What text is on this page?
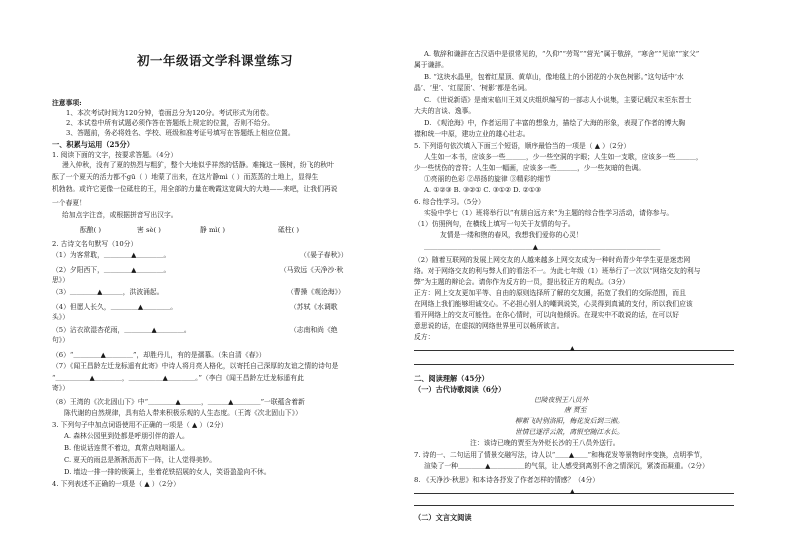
初一年级语文学科课堂练习
注意事项:
1、本次考试时间为120分钟，卷面总分为120分。考试形式为闭卷。
2、本试卷中所有试题必须作答在答题纸上规定的位置，否则不给分。
3、答题前，务必将姓名、学校、班级和准考证号填写在答题纸上相应位置。
一、积累与运用（25分）
1. 阅读下面的文字，按要求答题。（4分）
漫入仲秋，没有了夏的热烈与粗犷，整个大地似乎祥然的恬静。难掩这一簇树，纷飞的秋叶
酝了一个夏天的活力都不gū（ ）地蒙了出来，在这片静mì（ ）而蒸蒸的土地上，显得生
机勃勃。或许它更像一位砥柱的王，用全部的力量在晚霞这宽阔大的大地——来吧，让我们再说
一个春夏！
给加点字注音，或根据拼音写出汉字。
酝酿( )	害 sè( )	静 mì( )	砥柱( )
2. 古诗文名句默写（10分）
（1）为客常耽，＿＿＿＿▲＿＿＿＿。	（《晏子春秋》）
（2）夕阳西下，＿＿＿＿▲＿＿＿＿。	（马致远《天净沙·秋
思》）
（3）＿＿＿＿▲＿＿＿，洪波涌起。	（曹操《观沧海》）
（4）但愿人长久，＿＿＿＿▲＿＿＿＿。	（苏轼《水调歌
头》）
（5）沾衣欲湿杏花雨，＿＿＿＿▲＿＿＿＿。	（志南和尚《绝
句》）
（6）“＿＿＿＿▲＿＿＿＿”，却胜丹儿，有的是孺慕。（朱自清《春》）
（7）《闻王昌龄左迁龙标遥有此寄》中诗人将月亮人格化，以寄托自己深厚的友谊之情的诗句是
“＿＿＿＿＿▲＿＿＿＿，＿＿＿＿＿▲＿＿＿＿。”（李白《闻王昌龄左迁龙标遥有此
寄》）
（8）王湾的《次北固山下》中“＿＿＿＿▲＿＿＿，＿＿＿▲＿＿＿＿”一联蕴含着新
陈代谢的自然规律，具有给人带来积极乐观的人生态度。（王湾《次北固山下》）
3. 下列句子中加点词语使用不正确的一项是（ ▲ ）（2分）
A. 森林公园里到处都是呼朋引伴的游人。
B. 他说话连贯不着边，真常点咄咄逼人。
C. 夏天的雨总是淅淅沥沥下一阵，让人觉得美妙。
D. 墙边一排一排的锁簧上，坐着花铁招展的女人，笑语盈盈向不休。
4. 下列表述不正确的一项是（ ▲ ）（2分）
A. 敬辞和谦辞在古汉语中是很常见的，“久仰”“劳驾”“营光”属于敬辞，“寒舍”“见谅”“家父”
属于谦辞。
B. “这块水晶里，包着红屋顶、黄草山，像地毯上的小团花的小灰色树影。”这句话中‘水
晶’、‘里’、‘红屋顶’、‘树影’都是名词。
C. 《世说新语》是南宋临川王刘义庆组织编写的一部志人小说集，主要记载汉末至东晋士
大夫的言谈、逸事。
D. 《观沧海》中，作者运用了丰富的想象力，描绘了大海的形象，表现了作者的博大胸
襟和统一中原，建功立业的雄心壮志。
5. 下列语句依次填入下面三个短语，顺序最恰当的一项是（ ▲ ）（2分）
人生如一本书，应该多一些＿＿＿，少一些空洞的字眼；人生如一支歌，应该多一些＿＿＿，
少一些忧伤的音符；人生如一幅画，应该多一些＿＿＿，少一些灰暗的色调。
①亮丽的色彩 ②昂扬的旋律 ③精彩的细节
A. ①②③ B. ③②① C. ③①② D. ②①③
6. 综合性学习。（5分）
实验中学七（1）班将举行以“有朋自远方来”为主题的综合性学习活动，请你参与。
（1）仿照例句，在横线上填写一句关于友情的句子。
友情是一缕和煦的春风，我想我们爱你的心灵！
＿＿＿＿＿＿＿＿＿＿＿＿＿＿＿＿▲＿＿＿＿＿＿＿＿＿＿＿＿＿＿＿＿＿＿
（2）随着互联网的发展上网交友的人越来越多上网交友成为一种时尚青少年学生更是迷恋网
络。对于网络交友的利与弊人们的看法不一。为此七年级（1）班举行了一次以“网络交友的利与
弊”为主题的辩论会。请你作为反方的一员，提出驳正方的观点。（3分）
正方：网上交友更加平等、自由的原则选择所了解的交友圈，拓宽了我们的交际范围，而且
在网络上我们能够坦诚交心。不必担心别人的嘲讽说笑，心灵得到真诚的支付，所以我们应该
看开网络上的交友可能性。在你心情时，可以向他倾诉。在现实中不敢说的话，在可以好
意思说的话，在虚拟的网络世界里可以畅所欲言。
反方：
▲
二、阅读理解（45分）
（一）古代诗歌阅读（6分）
巴陵夜别王八员外
唐 贾至
柳絮飞时别洛阳，梅花发后到三湘。
世情已逐浮云散，离恨空随江水长。
注：该诗已晚的贾至为外贬长沙的王八员外送行。
7. 诗的一、二句运用了情景交融写法，诗人以“＿＿▲＿＿”和梅花发等景物时序变换，点明季节，
渲染了一种＿＿＿＿▲＿＿＿＿＿的气氛，让人感受到离别不舍之情深沉，紧凑而凝重。（2分）
8. 《天净沙·秋思》和本诗各抒发了作者怎样的情感？（4分）
▲
（二）文言文阅读
